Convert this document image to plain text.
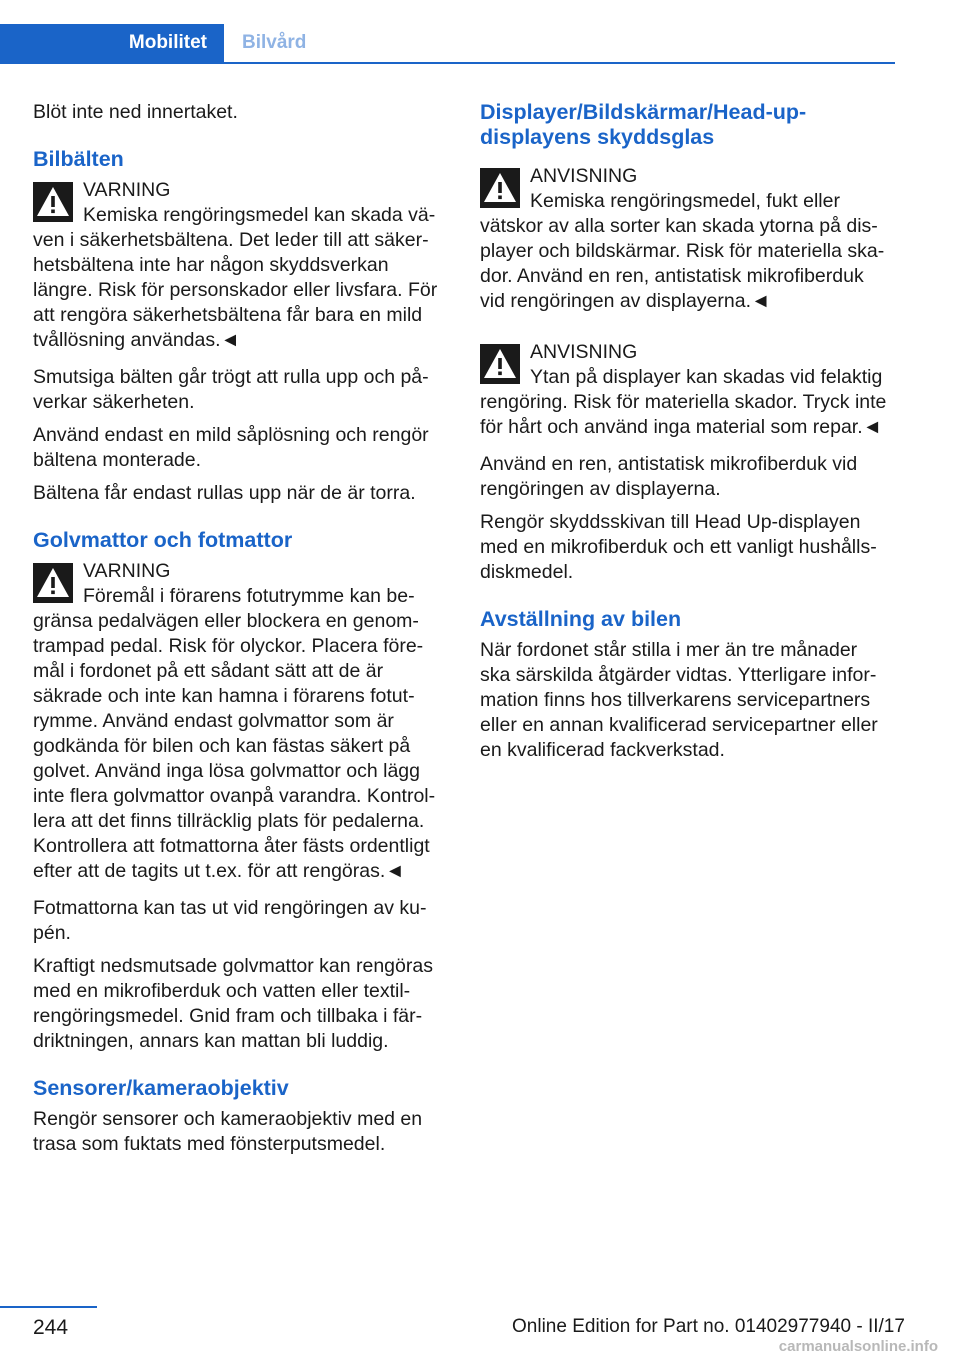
Mobilitet Bilvård

Blöt inte ned innertaket.

Bilbälten
VARNING
Kemiska rengöringsmedel kan skada väven i säkerhetsbältena. Det leder till att säkerhetsbältena inte har någon skyddsverkan längre. Risk för personskador eller livsfara. För att rengöra säkerhetsbältena får bara en mild tvållösning användas.◄

Smutsiga bälten går trögt att rulla upp och påverkar säkerheten.

Använd endast en mild såplösning och rengör bältena monterade.

Bältena får endast rullas upp när de är torra.

Golvmattor och fotmattor
VARNING
Föremål i förarens fotutrymme kan begränsa pedalvägen eller blockera en genomtrampad pedal. Risk för olyckor. Placera föremål i fordonet på ett sådant sätt att de är säkrade och inte kan hamna i förarens fotutrymme. Använd endast golvmattor som är godkända för bilen och kan fästas säkert på golvet. Använd inga lösa golvmattor och lägg inte flera golvmattor ovanpå varandra. Kontrollera att det finns tillräcklig plats för pedalerna. Kontrollera att fotmattorna åter fästs ordentligt efter att de tagits ut t.ex. för att rengöras.◄

Fotmattorna kan tas ut vid rengöringen av kupén.

Kraftigt nedsmutsade golvmattor kan rengöras med en mikrofiberduk och vatten eller textilrengöringsmedel. Gnid fram och tillbaka i färdriktningen, annars kan mattan bli luddig.

Sensorer/kameraobjektiv

Rengör sensorer och kameraobjektiv med en trasa som fuktats med fönsterputsmedel.

Displayer/Bildskärmar/Head-up-displayens skyddsglas
ANVISNING
Kemiska rengöringsmedel, fukt eller vätskor av alla sorter kan skada ytorna på displayer och bildskärmar. Risk för materiella skador. Använd en ren, antistatisk mikrofiberduk vid rengöringen av displayerna.◄
ANVISNING
Ytan på displayer kan skadas vid felaktig rengöring. Risk för materiella skador. Tryck inte för hårt och använd inga material som repar.◄

Använd en ren, antistatisk mikrofiberduk vid rengöringen av displayerna.

Rengör skyddsskivan till Head Up-displayen med en mikrofiberduk och ett vanligt hushållsdiskmedel.

Avställning av bilen

När fordonet står stilla i mer än tre månader ska särskilda åtgärder vidtas. Ytterligare information finns hos tillverkarens servicepartners eller en annan kvalificerad servicepartner eller en kvalificerad fackverkstad.

244	Online Edition for Part no. 01402977940 - II/17
carmanualsonline.info
